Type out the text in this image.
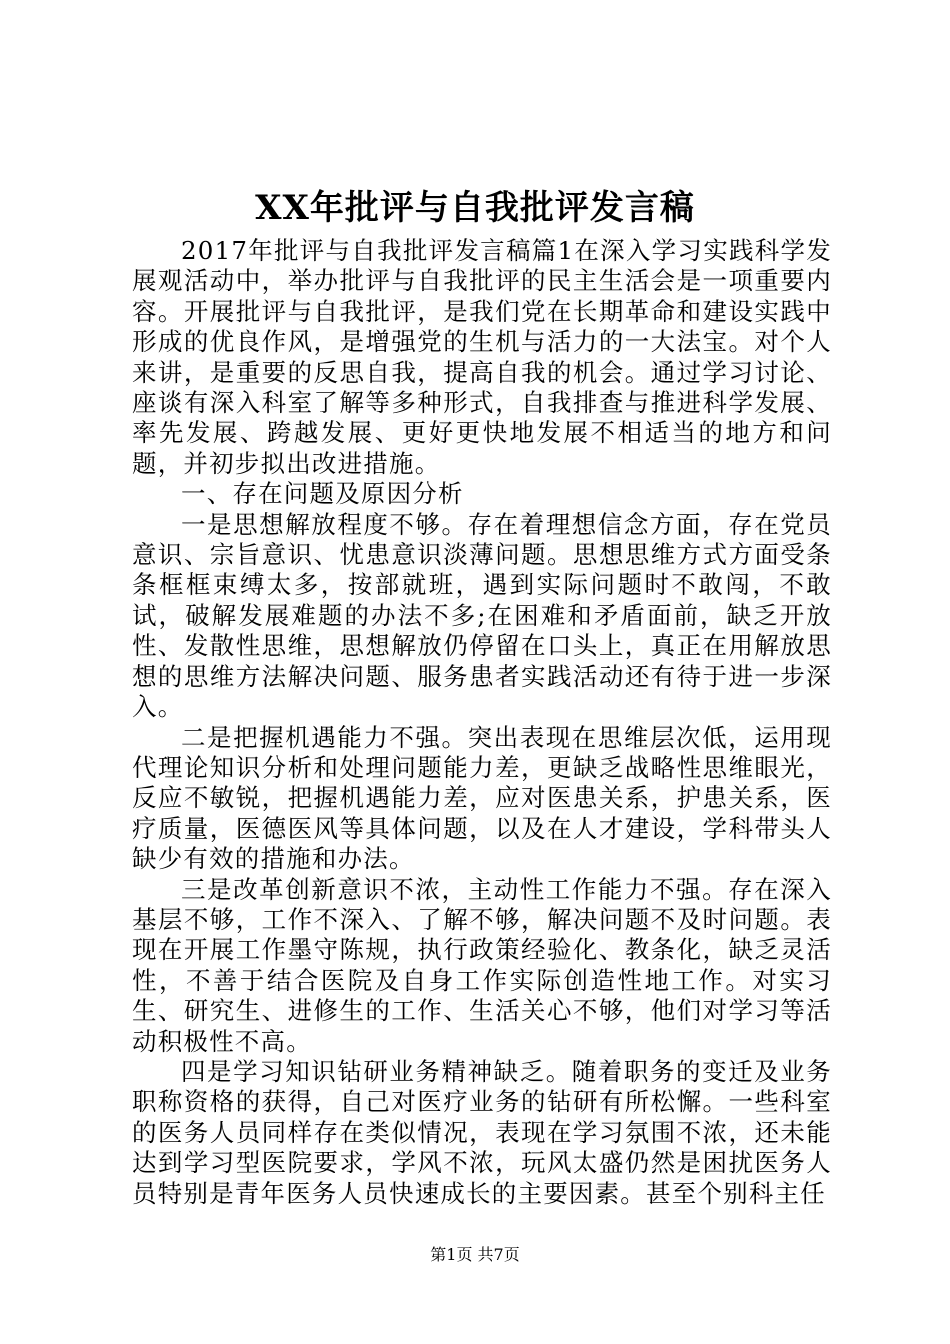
XX年批评与自我批评发言稿

2017年批评与自我批评发言稿篇1在深入学习实践科学发展观活动中，举办批评与自我批评的民主生活会是一项重要内容。开展批评与自我批评，是我们党在长期革命和建设实践中形成的优良作风，是增强党的生机与活力的一大法宝。对个人来讲，是重要的反思自我，提高自我的机会。通过学习讨论、座谈有深入科室了解等多种形式，自我排查与推进科学发展、率先发展、跨越发展、更好更快地发展不相适当的地方和问题，并初步拟出改进措施。

一、存在问题及原因分析

一是思想解放程度不够。存在着理想信念方面，存在党员意识、宗旨意识、忧患意识淡薄问题。思想思维方式方面受条条框框束缚太多，按部就班，遇到实际问题时不敢闯，不敢试，破解发展难题的办法不多;在困难和矛盾面前，缺乏开放性、发散性思维，思想解放仍停留在口头上，真正在用解放思想的思维方法解决问题、服务患者实践活动还有待于进一步深入。

二是把握机遇能力不强。突出表现在思维层次低，运用现代理论知识分析和处理问题能力差，更缺乏战略性思维眼光，反应不敏锐，把握机遇能力差，应对医患关系，护患关系，医疗质量，医德医风等具体问题，以及在人才建设，学科带头人缺少有效的措施和办法。

三是改革创新意识不浓，主动性工作能力不强。存在深入基层不够，工作不深入、了解不够，解决问题不及时问题。表现在开展工作墨守陈规，执行政策经验化、教条化，缺乏灵活性，不善于结合医院及自身工作实际创造性地工作。对实习生、研究生、进修生的工作、生活关心不够，他们对学习等活动积极性不高。

四是学习知识钻研业务精神缺乏。随着职务的变迁及业务职称资格的获得，自己对医疗业务的钻研有所松懈。一些科室的医务人员同样存在类似情况，表现在学习氛围不浓，还未能达到学习型医院要求，学风不浓，玩风太盛仍然是困扰医务人员特别是青年医务人员快速成长的主要因素。甚至个别科主任

第1页 共7页
